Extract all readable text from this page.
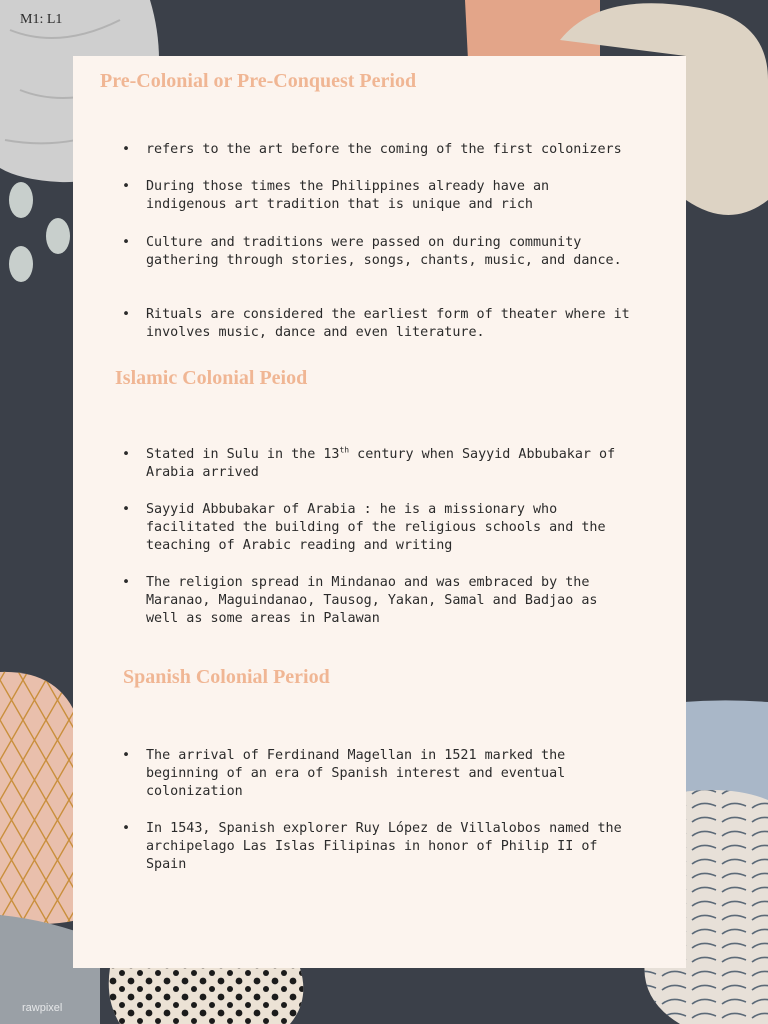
M1: L1
Pre-Colonial or Pre-Conquest Period
• refers to the art before the coming of the first colonizers
• During those times the Philippines already have an
indigenous art tradition that is unique and rich
• Culture and traditions were passed on during community
gathering through stories, songs, chants, music, and dance.
• Rituals are considered the earliest form of theater where it
involves music, dance and even literature.
Islamic Colonial Peiod
• Stated in Sulu in the 13th century when Sayyid Abbubakar of
Arabia arrived
• Sayyid Abbubakar of Arabia : he is a missionary who
facilitated the building of the religious schools and the
teaching of Arabic reading and writing
• The religion spread in Mindanao and was embraced by the
Maranao, Maguindanao, Tausog, Yakan, Samal and Badjao as
well as some areas in Palawan
Spanish Colonial Period
• The arrival of Ferdinand Magellan in 1521 marked the
beginning of an era of Spanish interest and eventual
colonization
• In 1543, Spanish explorer Ruy López de Villalobos named the
archipelago Las Islas Filipinas in honor of Philip II of
Spain
rawpixel
